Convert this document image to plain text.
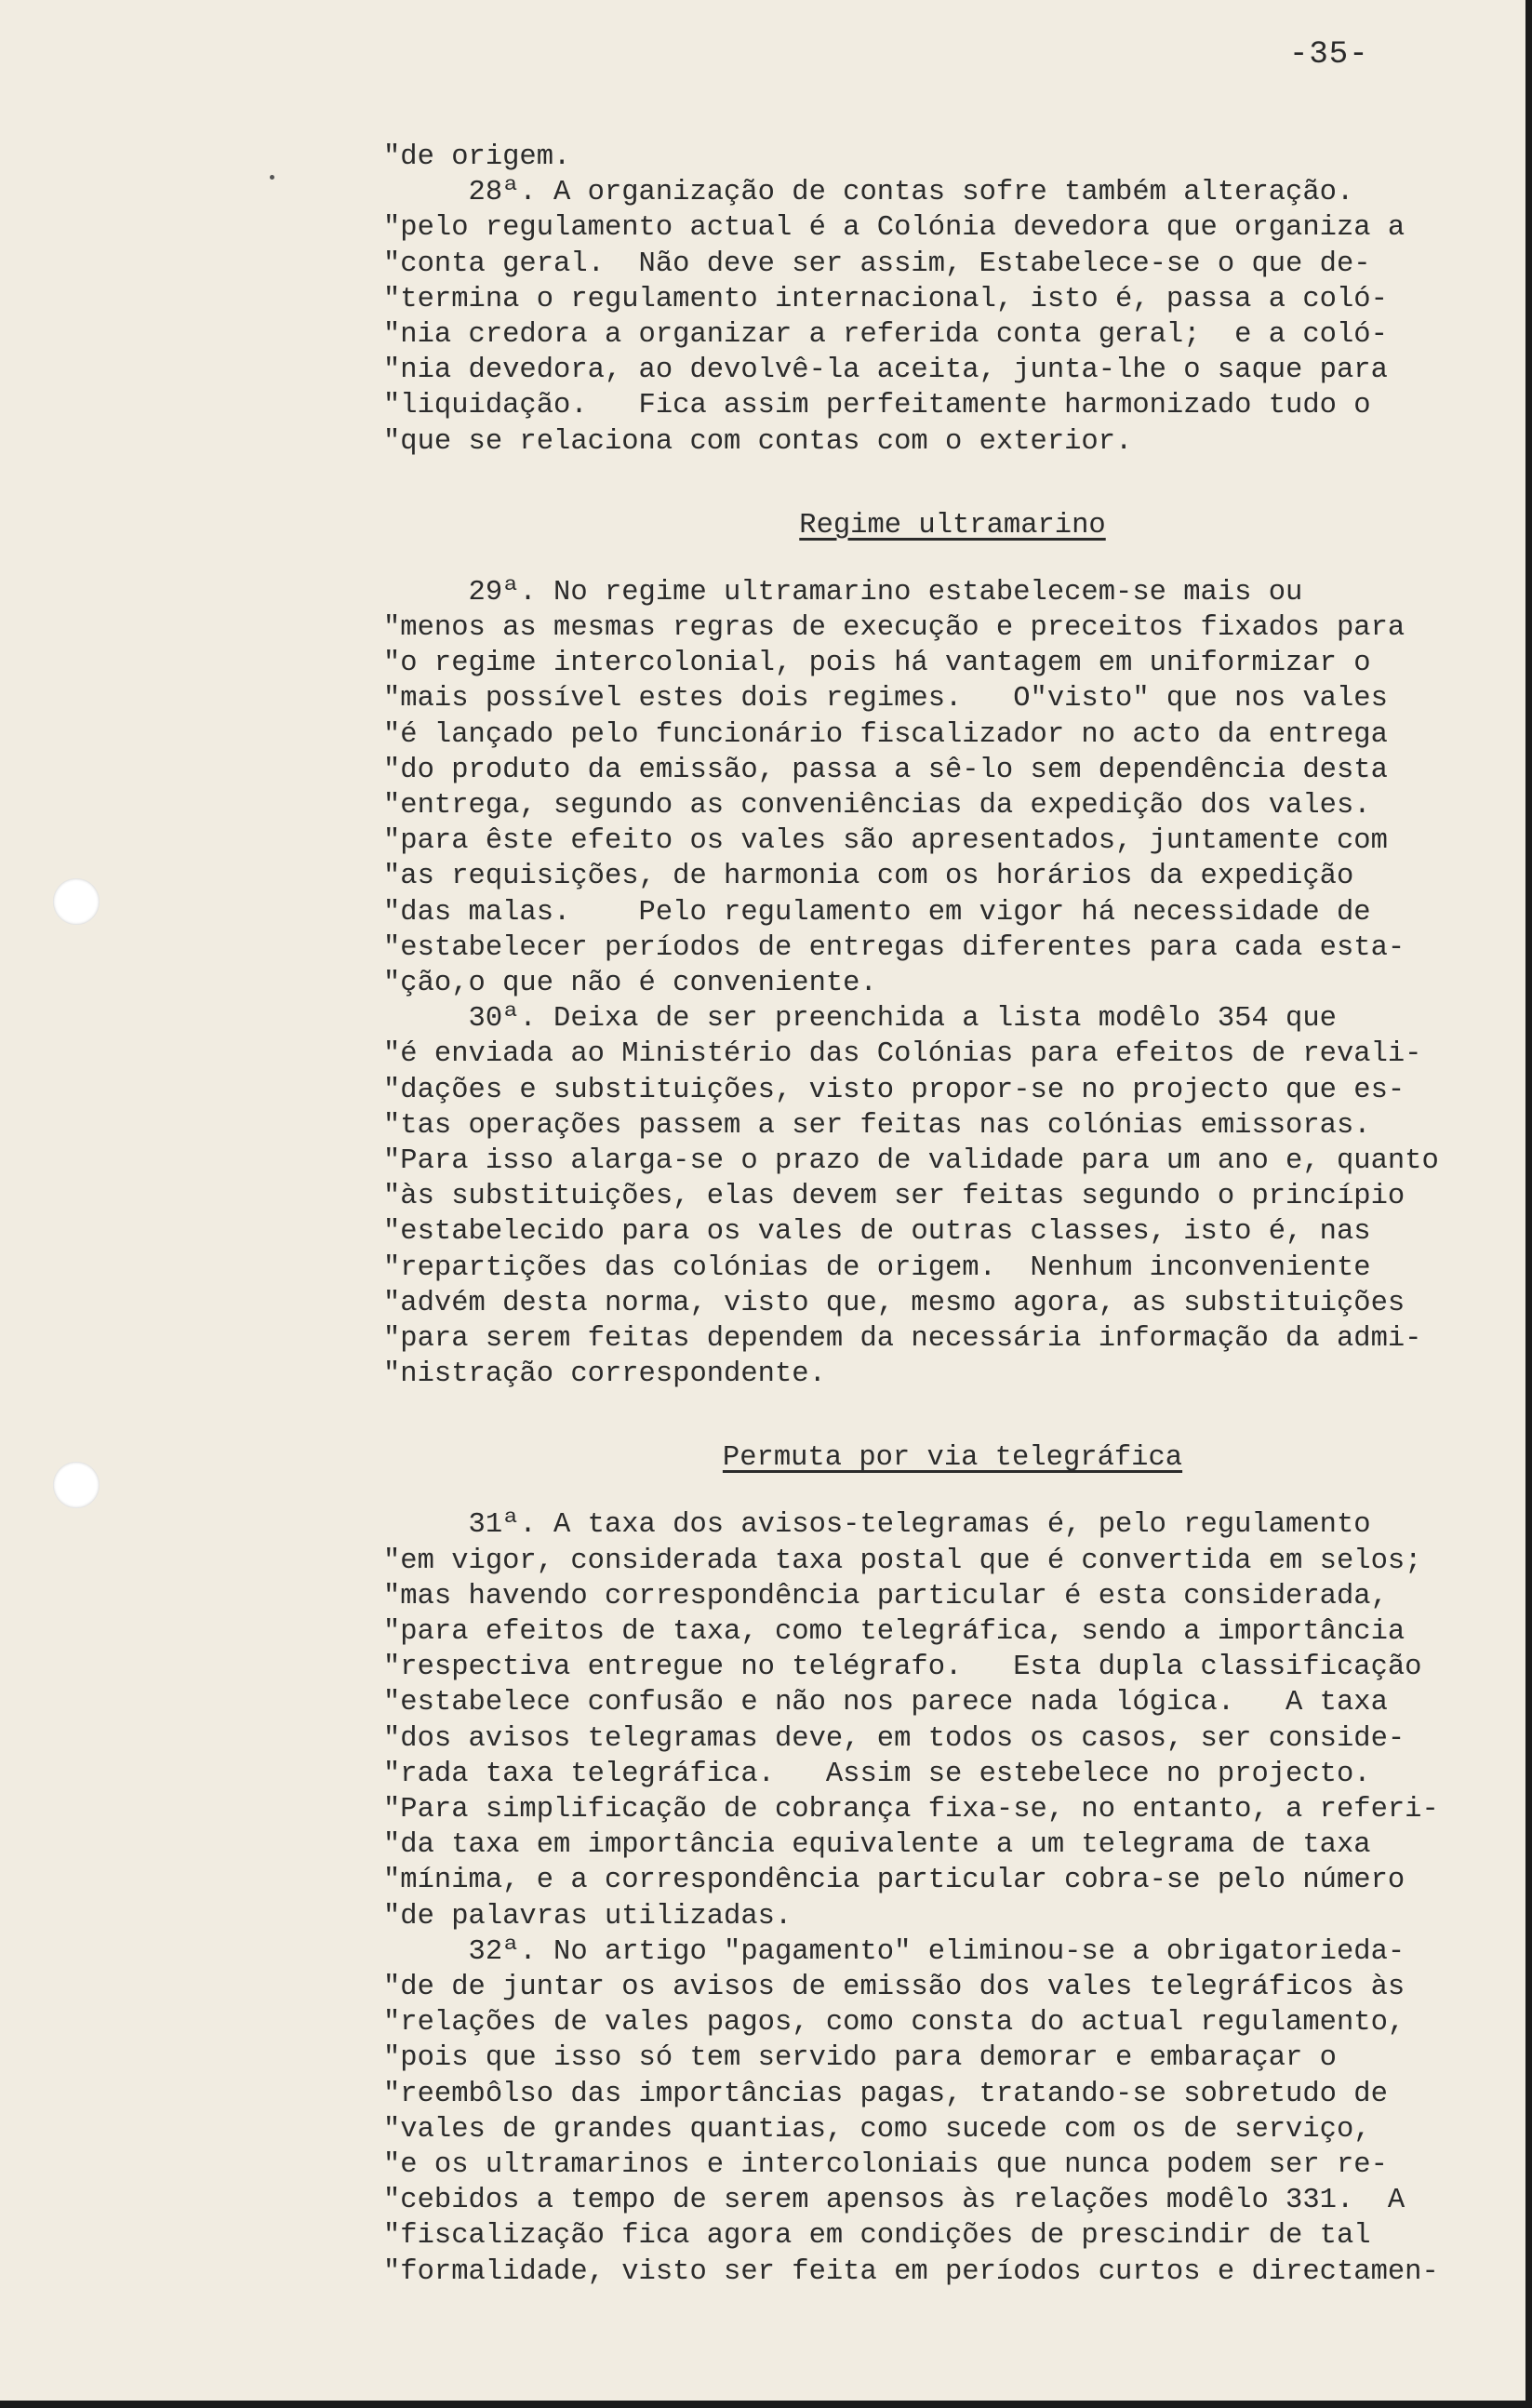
-35-
"de origem.
28ª. A organização de contas sofre também alteração.
"pelo regulamento actual é a Colónia devedora que organiza a
"conta geral.  Não deve ser assim, Estabelece-se o que de-
"termina o regulamento internacional, isto é, passa a coló-
"nia credora a organizar a referida conta geral;  e a coló-
"nia devedora, ao devolvê-la aceita, junta-lhe o saque para
"liquidação.   Fica assim perfeitamente harmonizado tudo o
"que se relaciona com contas com o exterior.
Regime ultramarino
29ª. No regime ultramarino estabelecem-se mais ou
"menos as mesmas regras de execução e preceitos fixados para
"o regime intercolonial, pois há vantagem em uniformizar o
"mais possível estes dois regimes.   O"visto" que nos vales
"é lançado pelo funcionário fiscalizador no acto da entrega
"do produto da emissão, passa a sê-lo sem dependência desta
"entrega, segundo as conveniências da expedição dos vales.
"para êste efeito os vales são apresentados, juntamente com
"as requisições, de harmonia com os horários da expedição
"das malas.    Pelo regulamento em vigor há necessidade de
"estabelecer períodos de entregas diferentes para cada esta-
"ção,o que não é conveniente.
30ª. Deixa de ser preenchida a lista modêlo 354 que
"é enviada ao Ministério das Colónias para efeitos de revali-
"dações e substituições, visto propor-se no projecto que es-
"tas operações passem a ser feitas nas colónias emissoras.
"Para isso alarga-se o prazo de validade para um ano e, quanto
"às substituições, elas devem ser feitas segundo o princípio
"estabelecido para os vales de outras classes, isto é, nas
"repartições das colónias de origem.  Nenhum inconveniente
"advém desta norma, visto que, mesmo agora, as substituições
"para serem feitas dependem da necessária informação da admi-
"nistração correspondente.
Permuta por via telegráfica
31ª. A taxa dos avisos-telegramas é, pelo regulamento
"em vigor, considerada taxa postal que é convertida em selos;
"mas havendo correspondência particular é esta considerada,
"para efeitos de taxa, como telegráfica, sendo a importância
"respectiva entregue no telégrafo.   Esta dupla classificação
"estabelece confusão e não nos parece nada lógica.   A taxa
"dos avisos telegramas deve, em todos os casos, ser conside-
"rada taxa telegráfica.   Assim se estebelece no projecto.
"Para simplificação de cobrança fixa-se, no entanto, a referi-
"da taxa em importância equivalente a um telegrama de taxa
"mínima, e a correspondência particular cobra-se pelo número
"de palavras utilizadas.
32ª. No artigo "pagamento" eliminou-se a obrigatorieda-
"de de juntar os avisos de emissão dos vales telegráficos às
"relações de vales pagos, como consta do actual regulamento,
"pois que isso só tem servido para demorar e embaraçar o
"reembôlso das importâncias pagas, tratando-se sobretudo de
"vales de grandes quantias, como sucede com os de serviço,
"e os ultramarinos e intercoloniais que nunca podem ser re-
"cebidos a tempo de serem apensos às relações modêlo 331.  A
"fiscalização fica agora em condições de prescindir de tal
"formalidade, visto ser feita em períodos curtos e directamen-
